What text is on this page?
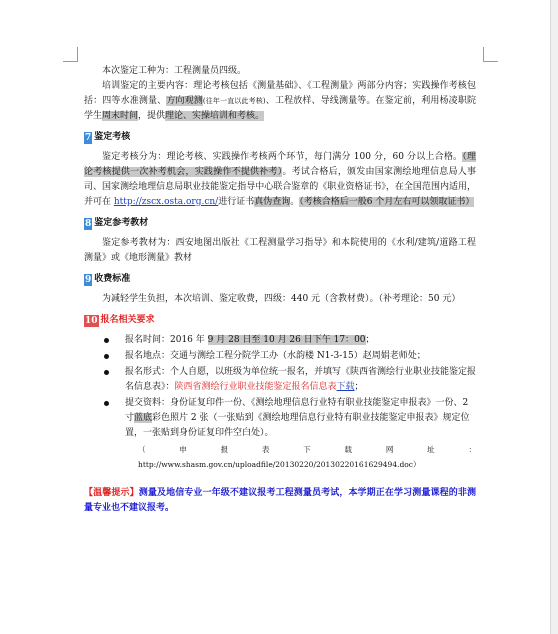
本次鉴定工种为：工程测量员四级。

培训鉴定的主要内容：理论考核包括《测量基础》、《工程测量》两部分内容；实践操作考核包括：四等水准测量、方向观测(往年一直以此考核)、工程放样、导线测量等。在鉴定前，利用杨凌职院学生周末时间，提供理论、实操培训和考核。

7 鉴定考核

鉴定考核分为：理论考核、实践操作考核两个环节，每门满分 100 分，60 分以上合格。（理论考核提供一次补考机会，实践操作不提供补考）。考试合格后，颁发由国家测绘地理信息局人事司、国家测绘地理信息局职业技能鉴定指导中心联合鉴章的《职业资格证书》，在全国范围内适用，并可在 http://zscx.osta.org.cn/进行证书真伪查询。（考核合格后一般6 个月左右可以领取证书）

8 鉴定参考教材

鉴定参考教材为：西安地图出版社《工程测量学习指导》和本院使用的《水利/建筑/道路工程测量》或《地形测量》教材

9 收费标准

为减轻学生负担，本次培训、鉴定收费，四级：440 元（含教材费）。（补考理论：50 元）

10 报名相关要求
报名时间：2016 年 9 月 28 日至 10 月 26 日下午 17：00；
报名地点：交通与测绘工程分院学工办（水韵楼 N1-3-15）赵周娟老师处；
报名形式：个人自愿，以班级为单位统一报名，并填写《陕西省测绘行业职业技能鉴定报名信息表》：陕西省测绘行业职业技能鉴定报名信息表下载；
提交资料：身份证复印件一份、《测绘地理信息行业特有职业技能鉴定申报表》一份、2 寸蓝底彩色照片 2 张（一张贴到《测绘地理信息行业特有职业技能鉴定申报表》规定位置，一张贴到身份证复印件空白处）。

（申报表下载网址：http://www.shasm.gov.cn/uploadfile/20130220/20130220161629494.doc）

【温馨提示】测量及地信专业一年级不建议报考工程测量员考试，本学期正在学习测量课程的非测量专业也不建议报考。
